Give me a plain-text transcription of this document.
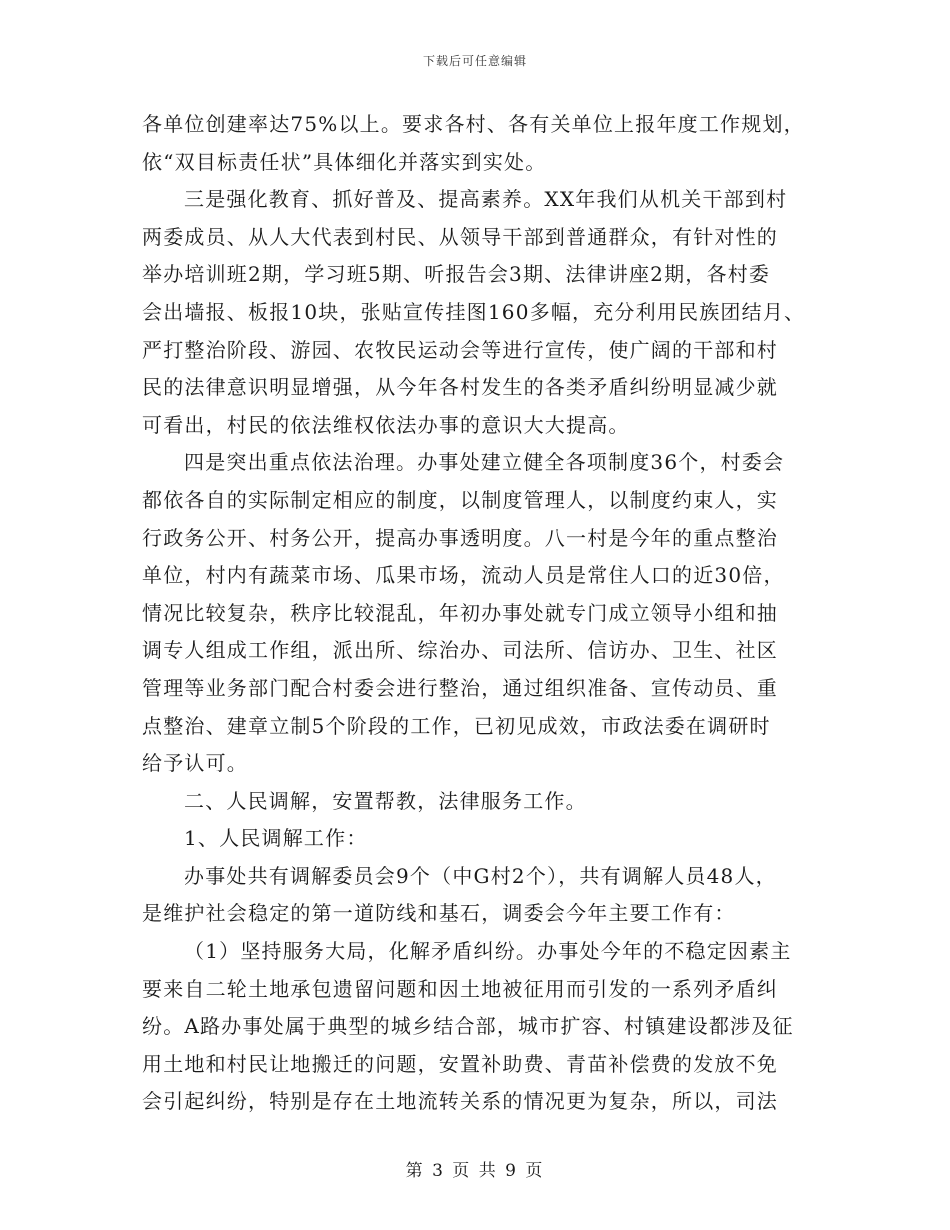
下载后可任意编辑
各单位创建率达75%以上。要求各村、各有关单位上报年度工作规划，
依“双目标责任状”具体细化并落实到实处。
三是强化教育、抓好普及、提高素养。XX年我们从机关干部到村
两委成员、从人大代表到村民、从领导干部到普通群众，有针对性的
举办培训班2期，学习班5期、听报告会3期、法律讲座2期，各村委
会出墙报、板报10块，张贴宣传挂图160多幅，充分利用民族团结月、
严打整治阶段、游园、农牧民运动会等进行宣传，使广阔的干部和村
民的法律意识明显增强，从今年各村发生的各类矛盾纠纷明显减少就
可看出，村民的依法维权依法办事的意识大大提高。
四是突出重点依法治理。办事处建立健全各项制度36个，村委会
都依各自的实际制定相应的制度，以制度管理人，以制度约束人，实
行政务公开、村务公开，提高办事透明度。八一村是今年的重点整治
单位，村内有蔬菜市场、瓜果市场，流动人员是常住人口的近30倍，
情况比较复杂，秩序比较混乱，年初办事处就专门成立领导小组和抽
调专人组成工作组，派出所、综治办、司法所、信访办、卫生、社区
管理等业务部门配合村委会进行整治，通过组织准备、宣传动员、重
点整治、建章立制5个阶段的工作，已初见成效，市政法委在调研时
给予认可。
二、人民调解，安置帮教，法律服务工作。
1、人民调解工作：
办事处共有调解委员会9个（中G村2个），共有调解人员48人，
是维护社会稳定的第一道防线和基石，调委会今年主要工作有：
（1）坚持服务大局，化解矛盾纠纷。办事处今年的不稳定因素主
要来自二轮土地承包遗留问题和因土地被征用而引发的一系列矛盾纠
纷。A路办事处属于典型的城乡结合部，城市扩容、村镇建设都涉及征
用土地和村民让地搬迁的问题，安置补助费、青苗补偿费的发放不免
会引起纠纷，特别是存在土地流转关系的情况更为复杂，所以，司法
第 3 页 共 9 页
